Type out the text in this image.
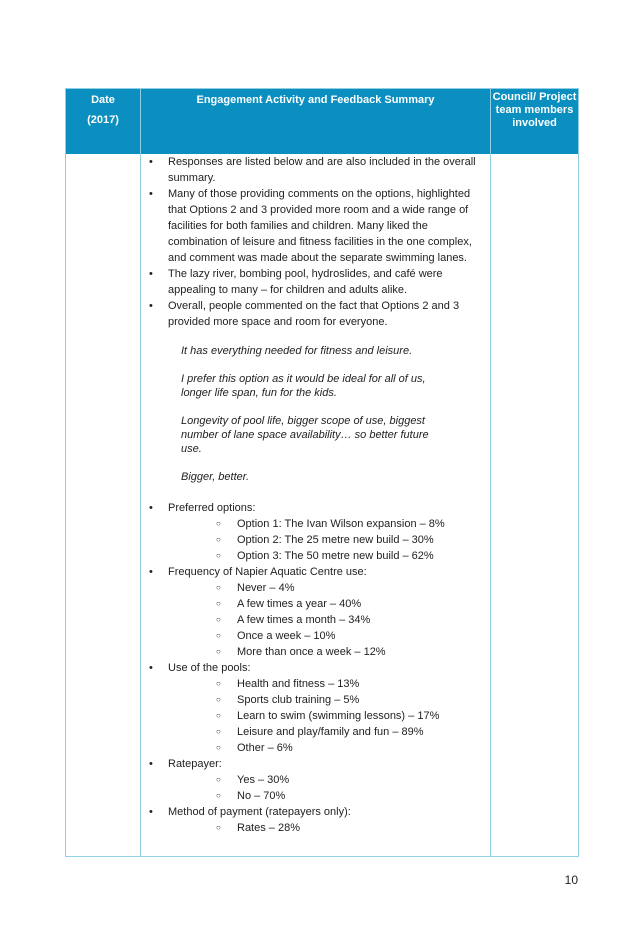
Date
(2017)
Engagement Activity and Feedback Summary	Council/ Project team members involved
• Responses are listed below and are also included in the overall summary.
• Many of those providing comments on the options, highlighted that Options 2 and 3 provided more room and a wide range of facilities for both families and children. Many liked the combination of leisure and fitness facilities in the one complex, and comment was made about the separate swimming lanes.
• The lazy river, bombing pool, hydroslides, and café were appealing to many – for children and adults alike.
• Overall, people commented on the fact that Options 2 and 3 provided more space and room for everyone.

It has everything needed for fitness and leisure.

I prefer this option as it would be ideal for all of us, longer life span, fun for the kids.

Longevity of pool life, bigger scope of use, biggest number of lane space availability… so better future use.

Bigger, better.

• Preferred options:
○ Option 1: The Ivan Wilson expansion – 8%
○ Option 2: The 25 metre new build – 30%
○ Option 3: The 50 metre new build – 62%
• Frequency of Napier Aquatic Centre use:
○ Never – 4%
○ A few times a year – 40%
○ A few times a month – 34%
○ Once a week – 10%
○ More than once a week – 12%
• Use of the pools:
○ Health and fitness – 13%
○ Sports club training – 5%
○ Learn to swim (swimming lessons) – 17%
○ Leisure and play/family and fun – 89%
○ Other – 6%
• Ratepayer:
○ Yes – 30%
○ No – 70%
• Method of payment (ratepayers only):
○ Rates – 28%
10
